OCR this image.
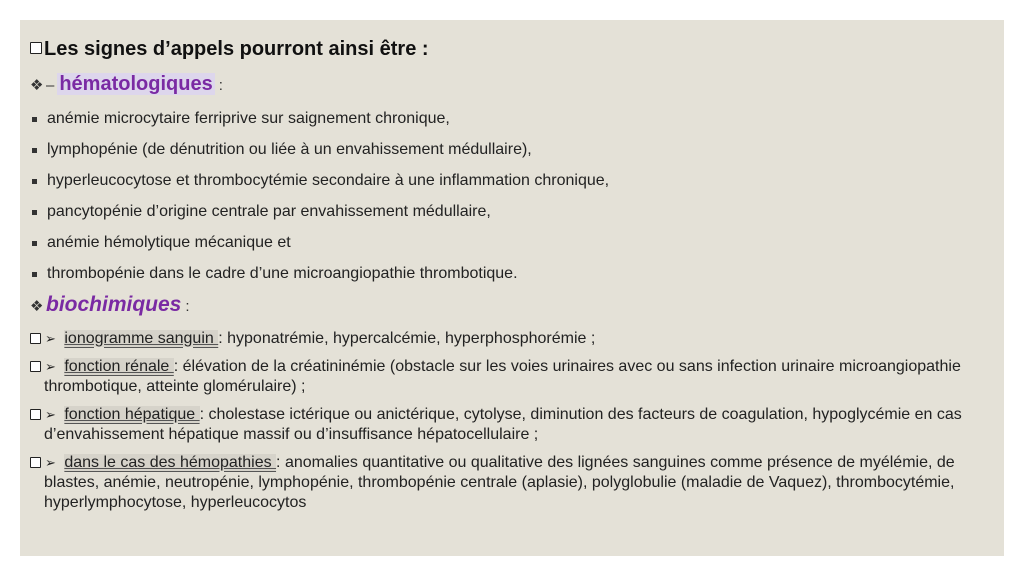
Les signes d’appels pourront ainsi être :
❖ – hématologiques :
anémie microcytaire ferriprive sur saignement chronique,
lymphopénie (de dénutrition ou liée à un envahissement médullaire),
hyperleucocytose et thrombocytémie secondaire à une inflammation chronique,
pancytopénie d’origine centrale par envahissement médullaire,
anémie hémolytique mécanique et
thrombopénie dans le cadre d’une microangiopathie thrombotique.
❖ biochimiques :
➢ ionogramme sanguin : hyponatrémie, hypercalcémie, hyperphosphorémie ;
➢ fonction rénale : élévation de la créatininémie (obstacle sur les voies urinaires avec ou sans infection urinaire microangiopathie thrombotique, atteinte glomérulaire) ;
➢ fonction hépatique : cholestase ictérique ou anictérique, cytolyse, diminution des facteurs de coagulation, hypoglycémie en cas d’envahissement hépatique massif ou d’insuffisance hépatocellulaire ;
➢ dans le cas des hémopathies : anomalies quantitative ou qualitative des lignées sanguines comme présence de myélémie, de blastes, anémie, neutropénie, lymphopénie, thrombopénie centrale (aplasie), polyglobulie (maladie de Vaquez), thrombocytémie, hyperlymphocytose, hyperleucocytos
